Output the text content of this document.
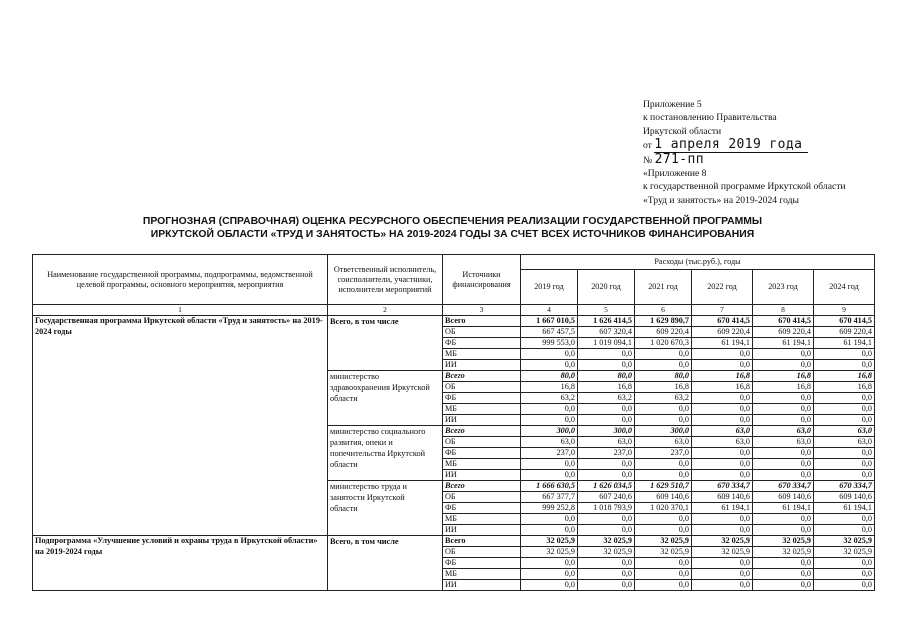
Приложение 5
к постановлению Правительства
Иркутской области
от 1 апреля 2019 года
№ 271-пп
«Приложение 8
к государственной программе Иркутской области
«Труд и занятость» на 2019-2024 годы
ПРОГНОЗНАЯ (СПРАВОЧНАЯ) ОЦЕНКА РЕСУРСНОГО ОБЕСПЕЧЕНИЯ РЕАЛИЗАЦИИ ГОСУДАРСТВЕННОЙ ПРОГРАММЫ
ИРКУТСКОЙ ОБЛАСТИ «ТРУД И ЗАНЯТОСТЬ» НА 2019-2024 ГОДЫ ЗА СЧЕТ ВСЕХ ИСТОЧНИКОВ ФИНАНСИРОВАНИЯ
Наименование государственной программы, подпрограммы, ведомственной целевой программы, основного мероприятия, мероприятия	Ответственный исполнитель, соисполнители, участники, исполнители мероприятий	Источники финансирования	Расходы (тыс.руб.), годы					
			2019 год	2020 год	2021 год	2022 год	2023 год	2024 год
1	2	3	4	5	6	7	8	9
Государственная программа Иркутской области «Труд и занятость» на 2019-2024 годы	Всего, в том числе	Всего	1 667 010,5	1 626 414,5	1 629 890,7	670 414,5	670 414,5	670 414,5
		ОБ	667 457,5	607 320,4	609 220,4	609 220,4	609 220,4	609 220,4
		ФБ	999 553,0	1 019 094,1	1 020 670,3	61 194,1	61 194,1	61 194,1
		МБ	0,0	0,0	0,0	0,0	0,0	0,0
		ИИ	0,0	0,0	0,0	0,0	0,0	0,0

	министерство
здравоохранения Иркутской
области	Всего	80,0	80,0	80,0	16,8	16,8	16,8
		ОБ	16,8	16,8	16,8	16,8	16,8	16,8
		ФБ	63,2	63,2	63,2	0,0	0,0	0,0
		МБ	0,0	0,0	0,0	0,0	0,0	0,0
		ИИ	0,0	0,0	0,0	0,0	0,0	0,0

	министерство социального
развития, опеки и
попечительства Иркутской
области	Всего	300,0	300,0	300,0	63,0	63,0	63,0
		ОБ	63,0	63,0	63,0	63,0	63,0	63,0
		ФБ	237,0	237,0	237,0	0,0	0,0	0,0
		МБ	0,0	0,0	0,0	0,0	0,0	0,0
		ИИ	0,0	0,0	0,0	0,0	0,0	0,0

	министерство труда и
занятости Иркутской
области	Всего	1 666 630,5	1 626 034,5	1 629 510,7	670 334,7	670 334,7	670 334,7
		ОБ	667 377,7	607 240,6	609 140,6	609 140,6	609 140,6	609 140,6
		ФБ	999 252,8	1 018 793,9	1 020 370,1	61 194,1	61 194,1	61 194,1
		МБ	0,0	0,0	0,0	0,0	0,0	0,0
		ИИ	0,0	0,0	0,0	0,0	0,0	0,0
Подпрограмма «Улучшение условий и охраны труда в Иркутской области» на 2019-2024 годы	Всего, в том числе	Всего	32 025,9	32 025,9	32 025,9	32 025,9	32 025,9	32 025,9
		ОБ	32 025,9	32 025,9	32 025,9	32 025,9	32 025,9	32 025,9
		ФБ	0,0	0,0	0,0	0,0	0,0	0,0
		МБ	0,0	0,0	0,0	0,0	0,0	0,0
		ИИ	0,0	0,0	0,0	0,0	0,0	0,0
